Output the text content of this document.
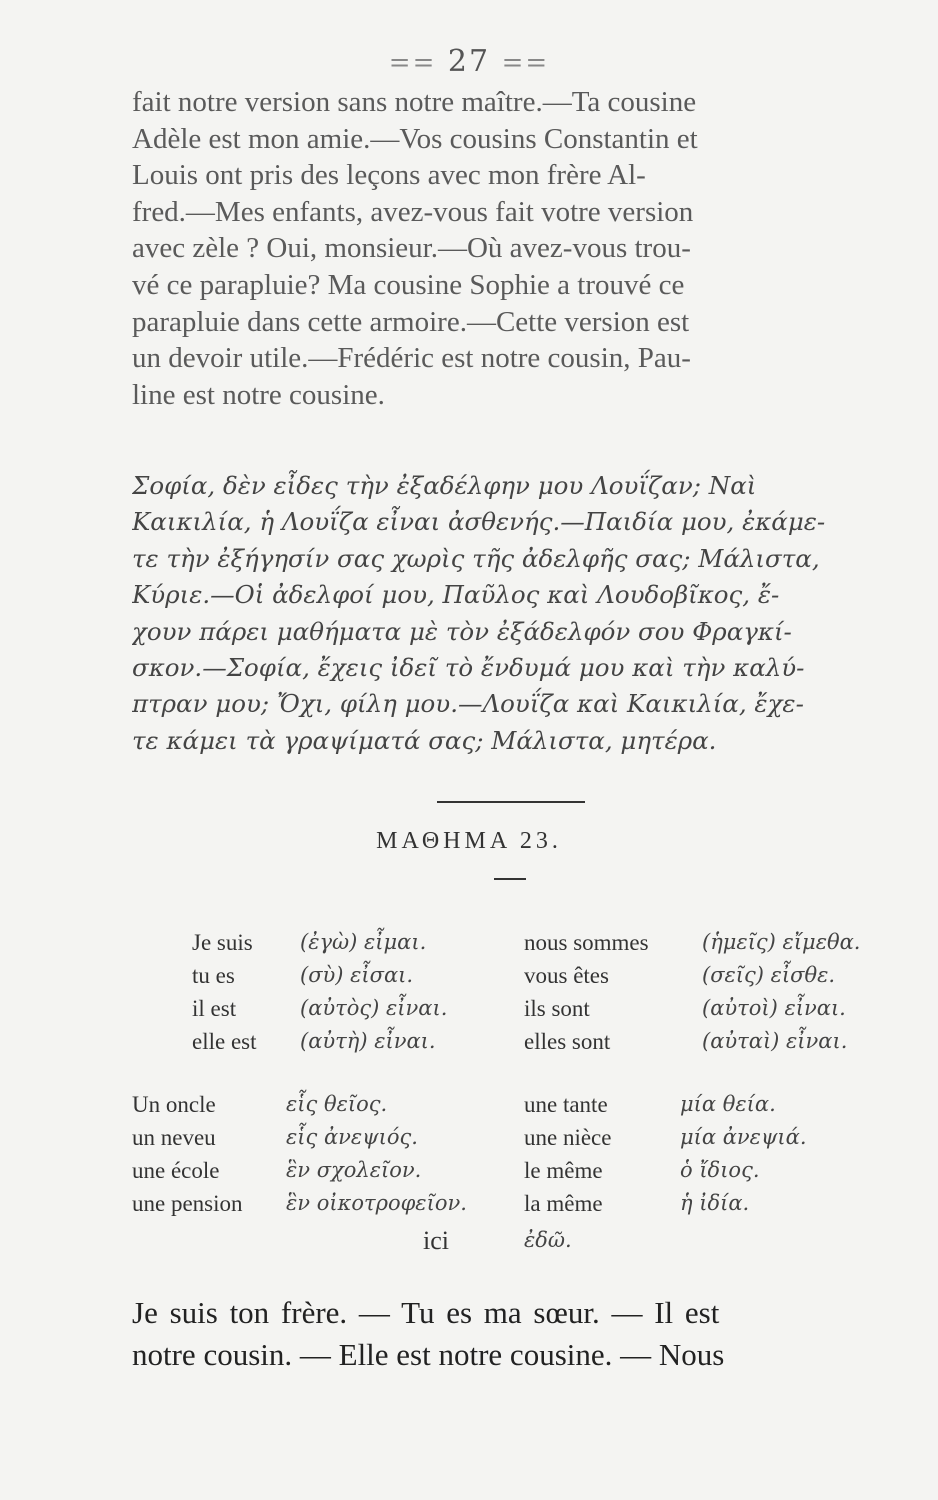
== 27 ==
fait notre version sans notre maître.—Ta cousine
Adèle est mon amie.—Vos cousins Constantin et
Louis ont pris des leçons avec mon frère Al-
fred.—Mes enfants, avez-vous fait votre version
avec zèle ? Oui, monsieur.—Où avez-vous trou-
vé ce parapluie? Ma cousine Sophie a trouvé ce
parapluie dans cette armoire.—Cette version est
un devoir utile.—Frédéric est notre cousin, Pau-
line est notre cousine.
Σοφία, δὲν εἶδες τὴν ἐξαδέλφην μου Λουΐζαν; Ναὶ
Καικιλία, ἡ Λουΐζα εἶναι ἀσθενής.—Παιδία μου, ἐκάμε-
τε τὴν ἐξήγησίν σας χωρὶς τῆς ἀδελφῆς σας; Μάλιστα,
Κύριε.—Οἱ ἀδελφοί μου, Παῦλος καὶ Λουδοβῖκος, ἔ-
χουν πάρει μαθήματα μὲ τὸν ἐξάδελφόν σου Φραγκί-
σκον.—Σοφία, ἔχεις ἰδεῖ τὸ ἔνδυμά μου καὶ τὴν καλύ-
πτραν μου; Ὄχι, φίλη μου.—Λουΐζα καὶ Καικιλία, ἔχε-
τε κάμει τὰ γραψίματά σας; Μάλιστα, μητέρα.
ΜΑΘΗΜΑ 23.
Je suis (ἐγὼ) εἶμαι.	nous sommes	(ἡμεῖς) εἴμεθα.
tu es	(σὺ) εἶσαι.	vous êtes	(σεῖς) εἶσθε.
il est	(αὐτὸς) εἶναι.	ils sont	(αὐτοὶ) εἶναι.
elle est (αὐτὴ) εἶναι.	elles sont	(αὐταὶ) εἶναι.
Un oncle	εἷς θεῖος.	une tante	μία θεία.
un neveu	εἷς ἀνεψιός.	une nièce	μία ἀνεψιά.
une école	ἓν σχολεῖον.	le même	ὁ ἴδιος.
une pension ἓν οἰκοτροφεῖον. la même	ἡ ἰδία.
ici	ἐδῶ.
Je suis ton frère. — Tu es ma sœur. — Il est
notre cousin. — Elle est notre cousine. — Nous
